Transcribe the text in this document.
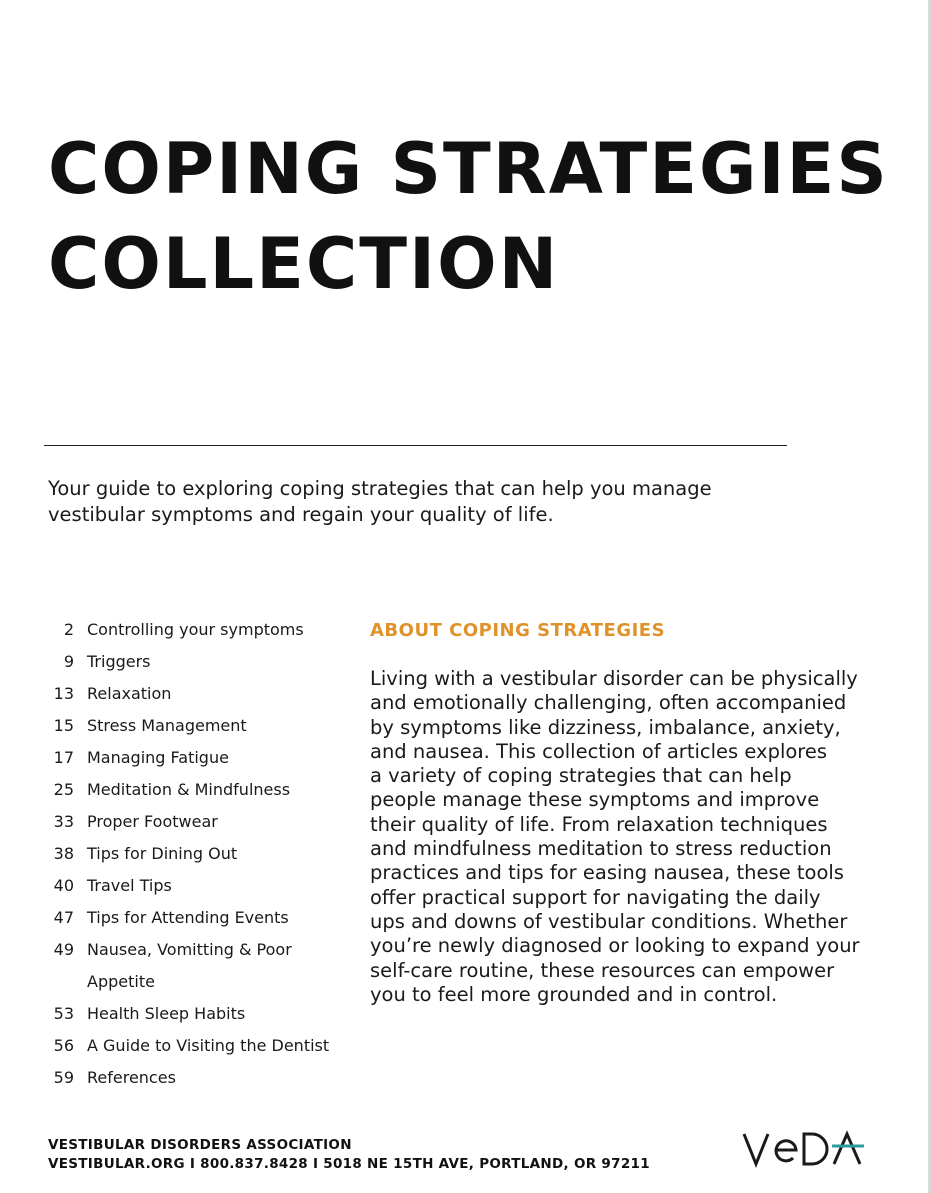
COPING STRATEGIES
COLLECTION

Your guide to exploring coping strategies that can help you manage vestibular symptoms and regain your quality of life.

2 Controlling your symptoms
9 Triggers
13 Relaxation
15 Stress Management
17 Managing Fatigue
25 Meditation & Mindfulness
33 Proper Footwear
38 Tips for Dining Out
40 Travel Tips
47 Tips for Attending Events
49 Nausea, Vomitting & Poor Appetite
53 Health Sleep Habits
56 A Guide to Visiting the Dentist
59 References
ABOUT COPING STRATEGIES
Living with a vestibular disorder can be physically
and emotionally challenging, often accompanied
by symptoms like dizziness, imbalance, anxiety,
and nausea. This collection of articles explores
a variety of coping strategies that can help
people manage these symptoms and improve
their quality of life. From relaxation techniques
and mindfulness meditation to stress reduction
practices and tips for easing nausea, these tools
offer practical support for navigating the daily
ups and downs of vestibular conditions. Whether
you’re newly diagnosed or looking to expand your
self-care routine, these resources can empower
you to feel more grounded and in control.
VESTIBULAR DISORDERS ASSOCIATION
VESTIBULAR.ORG I 800.837.8428 I 5018 NE 15TH AVE, PORTLAND, OR 97211
